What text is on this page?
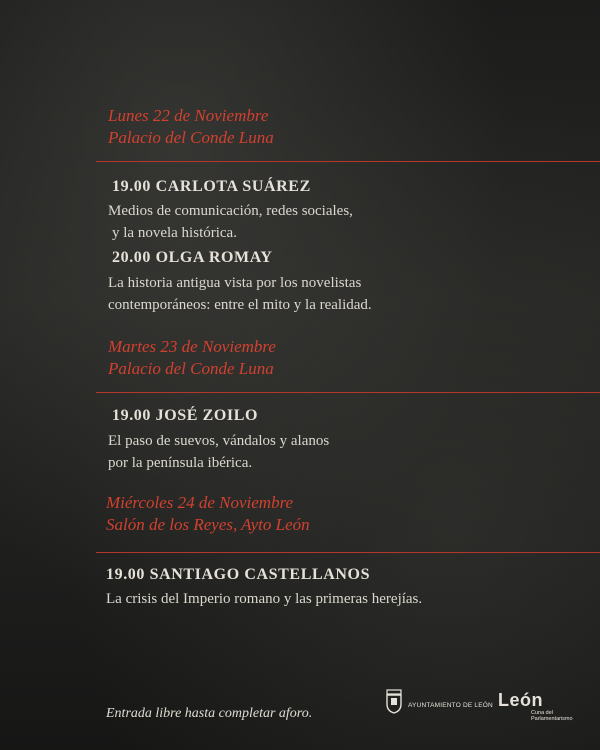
Lunes 22 de Noviembre
Palacio del Conde Luna
19.00 CARLOTA SUÁREZ
Medios de comunicación, redes sociales,
y la novela histórica.
20.00 OLGA ROMAY
La historia antigua vista por los novelistas
contemporáneos: entre el mito y la realidad.
Martes 23 de Noviembre
Palacio del Conde Luna
19.00 JOSÉ ZOILO
El paso de suevos, vándalos y alanos
por la península ibérica.
Miércoles 24 de Noviembre
Salón de los Reyes, Ayto León
19.00 SANTIAGO CASTELLANOS
La crisis del Imperio romano y las primeras herejías.
Entrada libre hasta completar aforo.
AYUNTAMIENTO DE LEÓN León
Cuna del
Parlamentarismo
